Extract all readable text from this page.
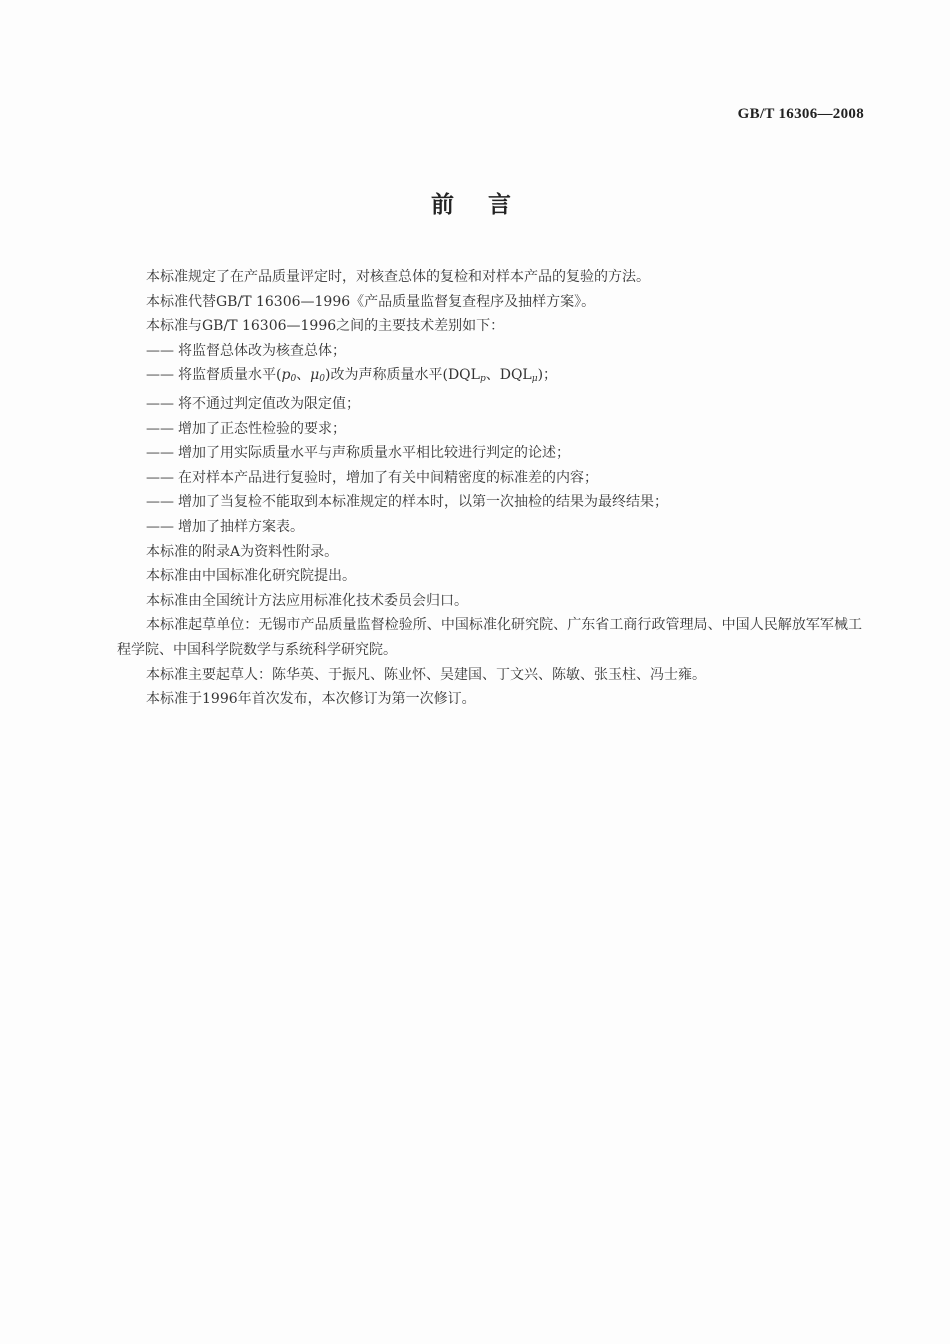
GB/T 16306—2008
前言

本标准规定了在产品质量评定时，对核查总体的复检和对样本产品的复验的方法。

本标准代替GB/T 16306—1996《产品质量监督复查程序及抽样方案》。

本标准与GB/T 16306—1996之间的主要技术差别如下：

—— 将监督总体改为核查总体；

—— 将监督质量水平($p_0$、$\mu_0$)改为声称质量水平($DQL_p$、$DQL_\mu$)；

—— 将不通过判定值改为限定值；

—— 增加了正态性检验的要求；

—— 增加了用实际质量水平与声称质量水平相比较进行判定的论述；

—— 在对样本产品进行复验时，增加了有关中间精密度的标准差的内容；

—— 增加了当复检不能取到本标准规定的样本时，以第一次抽检的结果为最终结果；

—— 增加了抽样方案表。

本标准的附录A为资料性附录。

本标准由中国标准化研究院提出。

本标准由全国统计方法应用标准化技术委员会归口。

本标准起草单位：无锡市产品质量监督检验所、中国标准化研究院、广东省工商行政管理局、中国人民解放军军械工程学院、中国科学院数学与系统科学研究院。

本标准主要起草人：陈华英、于振凡、陈业怀、吴建国、丁文兴、陈敏、张玉柱、冯士雍。

本标准于1996年首次发布，本次修订为第一次修订。
